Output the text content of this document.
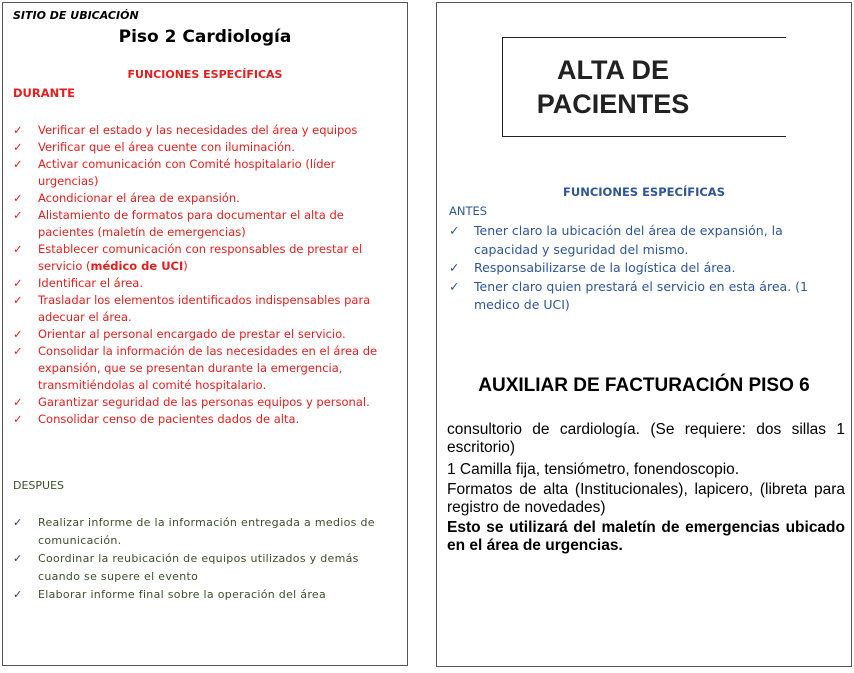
SITIO DE UBICACIÓN
Piso 2 Cardiología
FUNCIONES ESPECÍFICAS
DURANTE
✓ Verificar el estado y las necesidades del área y equipos
✓ Verificar que el área cuente con iluminación.
✓ Activar comunicación con Comité hospitalario (líder urgencias)
✓ Acondicionar el área de expansión.
✓ Alistamiento de formatos para documentar el alta de pacientes (maletín de emergencias)
✓ Establecer comunicación con responsables de prestar el servicio (médico de UCI)
✓ Identificar el área.
✓ Trasladar los elementos identificados indispensables para adecuar el área.
✓ Orientar al personal encargado de prestar el servicio.
✓ Consolidar la información de las necesidades en el área de expansión, que se presentan durante la emergencia, transmitiéndolas al comité hospitalario.
✓ Garantizar seguridad de las personas equipos y personal.
✓ Consolidar censo de pacientes dados de alta.
DESPUES
✓ Realizar informe de la información entregada a medios de comunicación.
✓ Coordinar la reubicación de equipos utilizados y demás cuando se supere el evento
✓ Elaborar informe final sobre la operación del área
ALTA DE
PACIENTES
FUNCIONES ESPECÍFICAS
ANTES
✓ Tener claro la ubicación del área de expansión, la capacidad y seguridad del mismo.
✓ Responsabilizarse de la logística del área.
✓ Tener claro quien prestará el servicio en esta área. (1 medico de UCI)
AUXILIAR DE FACTURACIÓN PISO 6
consultorio de cardiología. (Se requiere: dos sillas 1 escritorio)
1 Camilla fija, tensiómetro, fonendoscopio.
Formatos de alta (Institucionales), lapicero, (libreta para registro de novedades)
Esto se utilizará del maletín de emergencias ubicado en el área de urgencias.
